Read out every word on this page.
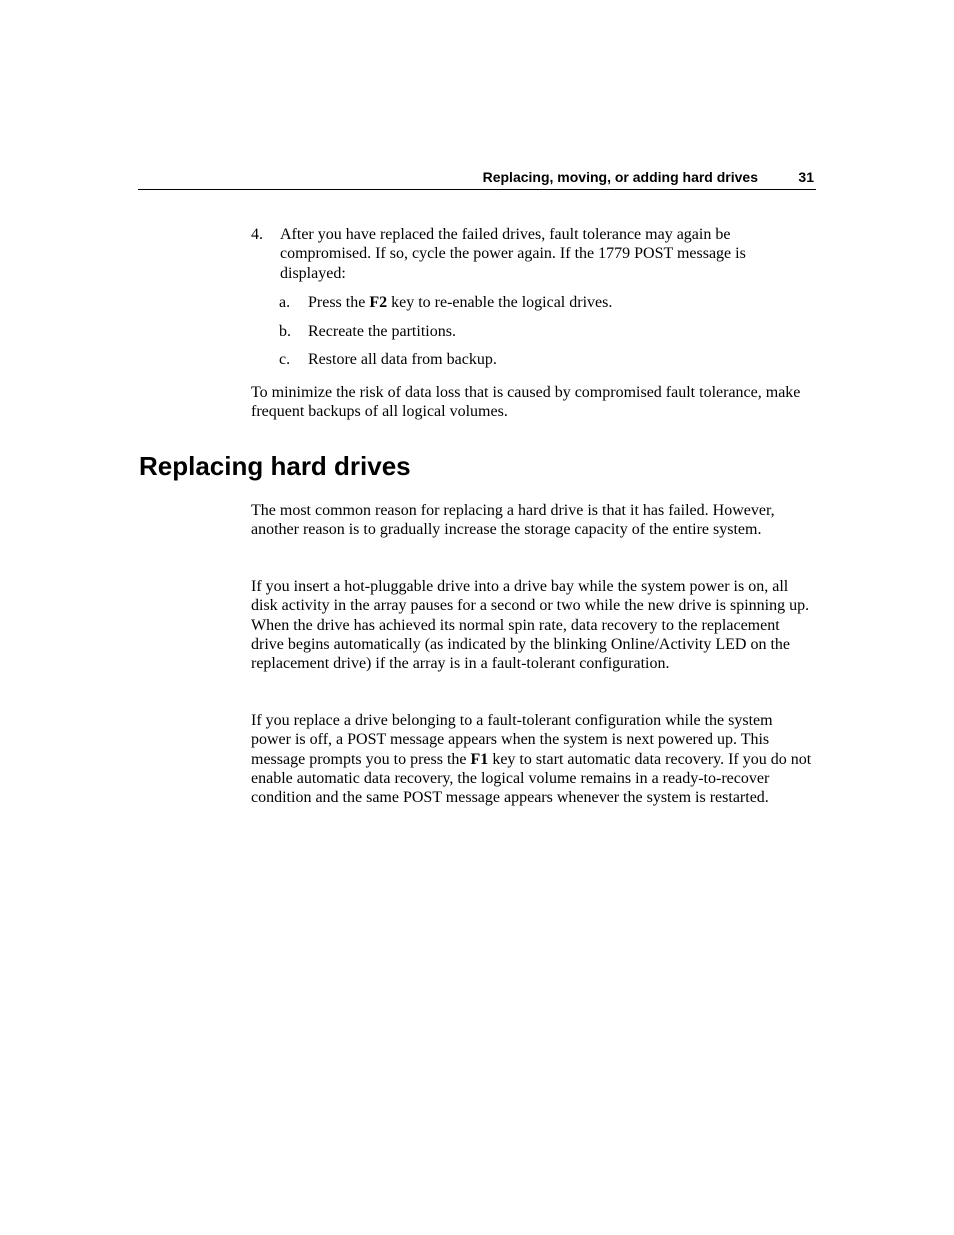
Replacing, moving, or adding hard drives	31
4. After you have replaced the failed drives, fault tolerance may again be compromised. If so, cycle the power again. If the 1779 POST message is displayed:
a. Press the F2 key to re-enable the logical drives.
b. Recreate the partitions.
c. Restore all data from backup.

To minimize the risk of data loss that is caused by compromised fault tolerance, make frequent backups of all logical volumes.

Replacing hard drives

The most common reason for replacing a hard drive is that it has failed. However, another reason is to gradually increase the storage capacity of the entire system.

If you insert a hot-pluggable drive into a drive bay while the system power is on, all disk activity in the array pauses for a second or two while the new drive is spinning up. When the drive has achieved its normal spin rate, data recovery to the replacement drive begins automatically (as indicated by the blinking Online/Activity LED on the replacement drive) if the array is in a fault-tolerant configuration.

If you replace a drive belonging to a fault-tolerant configuration while the system power is off, a POST message appears when the system is next powered up. This message prompts you to press the F1 key to start automatic data recovery. If you do not enable automatic data recovery, the logical volume remains in a ready-to-recover condition and the same POST message appears whenever the system is restarted.
